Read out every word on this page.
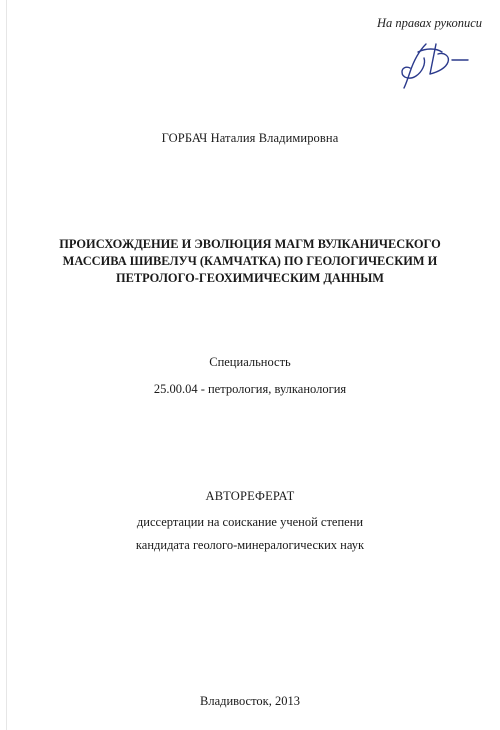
На правах рукописи
ГОРБАЧ Наталия Владимировна
ПРОИСХОЖДЕНИЕ И ЭВОЛЮЦИЯ МАГМ ВУЛКАНИЧЕСКОГО
МАССИВА ШИВЕЛУЧ (КАМЧАТКА) ПО ГЕОЛОГИЧЕСКИМ И
ПЕТРОЛОГО-ГЕОХИМИЧЕСКИМ ДАННЫМ
Специальность
25.00.04 - петрология, вулканология
АВТОРЕФЕРАТ
диссертации на соискание ученой степени
кандидата геолого-минералогических наук
Владивосток, 2013
